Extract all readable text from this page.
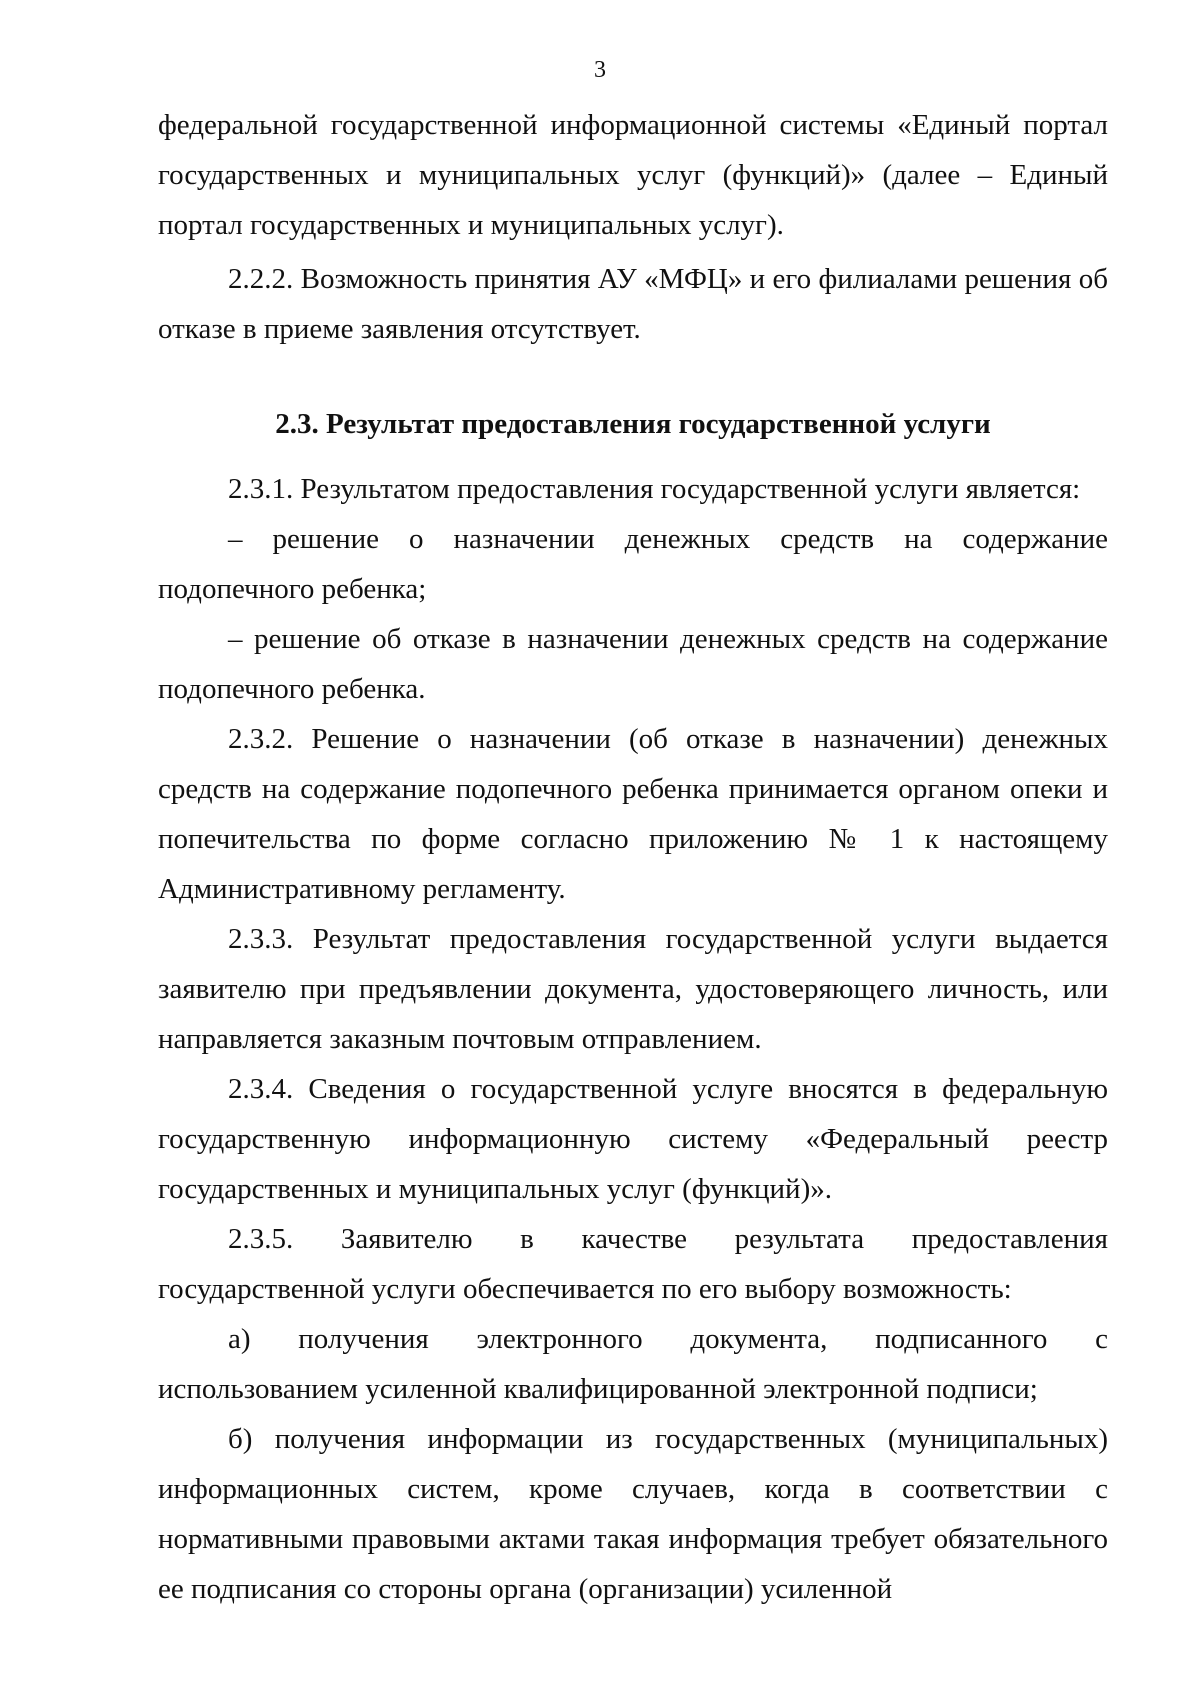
3

федеральной государственной информационной системы «Единый портал государственных и муниципальных услуг (функций)» (далее – Единый портал государственных и муниципальных услуг).

2.2.2. Возможность принятия АУ «МФЦ» и его филиалами решения об отказе в приеме заявления отсутствует.

2.3. Результат предоставления государственной услуги

2.3.1. Результатом предоставления государственной услуги является:

– решение о назначении денежных средств на содержание подопечного ребенка;

– решение об отказе в назначении денежных средств на содержание подопечного ребенка.

2.3.2. Решение о назначении (об отказе в назначении) денежных средств на содержание подопечного ребенка принимается органом опеки и попечительства по форме согласно приложению № 1 к настоящему Административному регламенту.

2.3.3. Результат предоставления государственной услуги выдается заявителю при предъявлении документа, удостоверяющего личность, или направляется заказным почтовым отправлением.

2.3.4. Сведения о государственной услуге вносятся в федеральную государственную информационную систему «Федеральный реестр государственных и муниципальных услуг (функций)».

2.3.5. Заявителю в качестве результата предоставления государственной услуги обеспечивается по его выбору возможность:

а) получения электронного документа, подписанного с использованием усиленной квалифицированной электронной подписи;

б) получения информации из государственных (муниципальных) информационных систем, кроме случаев, когда в соответствии с нормативными правовыми актами такая информация требует обязательного ее подписания со стороны органа (организации) усиленной
